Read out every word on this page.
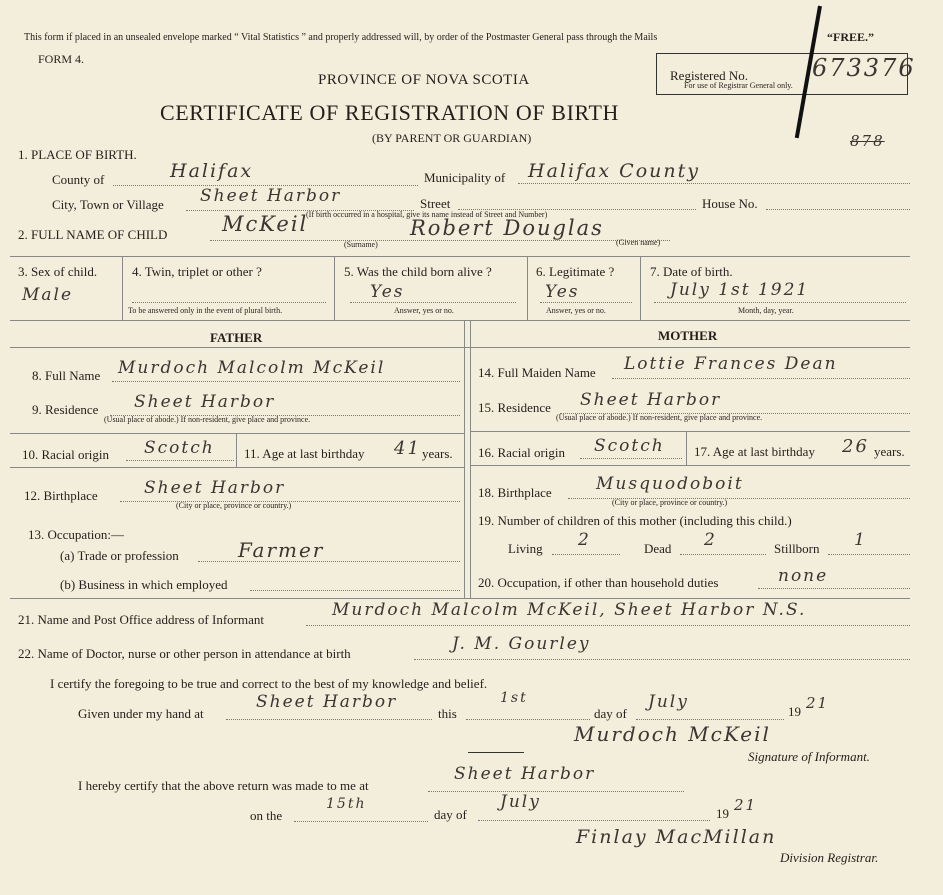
This form if placed in an unsealed envelope marked “ Vital Statistics ” and properly addressed will, by order of the Postmaster General pass through the Mails	“FREE.”
FORM 4.
PROVINCE OF NOVA SCOTIA
CERTIFICATE OF REGISTRATION OF BIRTH
(BY PARENT OR GUARDIAN)
Registered No.	673376
For use of Registrar General only.
878
1. PLACE OF BIRTH.
County of	Halifax	Municipality of Halifax County
City, Town or Village Sheet Harbor	Street	House No.
(If birth occurred in a hospital, give its name instead of Street and Number)
2. FULL NAME OF CHILD	McKeil	Robert Douglas
(Surname)	(Given name)
3. Sex of child.
Male
4. Twin, triplet or other ?
To be answered only in the event of plural birth.
5. Was the child born alive ?
Yes
Answer, yes or no.
6. Legitimate ?
Yes
Answer, yes or no.
7. Date of birth.
July 1st 1921
Month, day, year.
FATHER	MOTHER
8. Full Name Murdoch Malcolm McKeil
9. Residence Sheet Harbor
(Usual place of abode.) If non-resident, give place and province.
10. Racial origin Scotch 11. Age at last birthday 41 years.
12. Birthplace	Sheet Harbor
(City or place, province or country.)
13. Occupation:—
(a) Trade or profession	Farmer
(b) Business in which employed
14. Full Maiden Name Lottie Frances Dean
15. Residence Sheet Harbor
(Usual place of abode.) If non-resident, give place and province.
16. Racial origin Scotch 17. Age at last birthday 26 years.
18. Birthplace	Musquodoboit
(City or place, province or country.)
19. Number of children of this mother (including this child.)
Living 2	Dead 2	Stillborn 1
20. Occupation, if other than household duties	none
21. Name and Post Office address of Informant	Murdoch Malcolm McKeil, Sheet Harbor N.S.
22. Name of Doctor, nurse or other person in attendance at birth	J. M. Gourley
I certify the foregoing to be true and correct to the best of my knowledge and belief.
Given under my hand at
Sheet Harbor
this
1st
day of
July	19 21
Murdoch McKeil
Signature of Informant.
I hereby certify that the above return was made to me at
Sheet Harbor
on the
15th
day of
July
19 21
Finlay MacMillan
Division Registrar.
